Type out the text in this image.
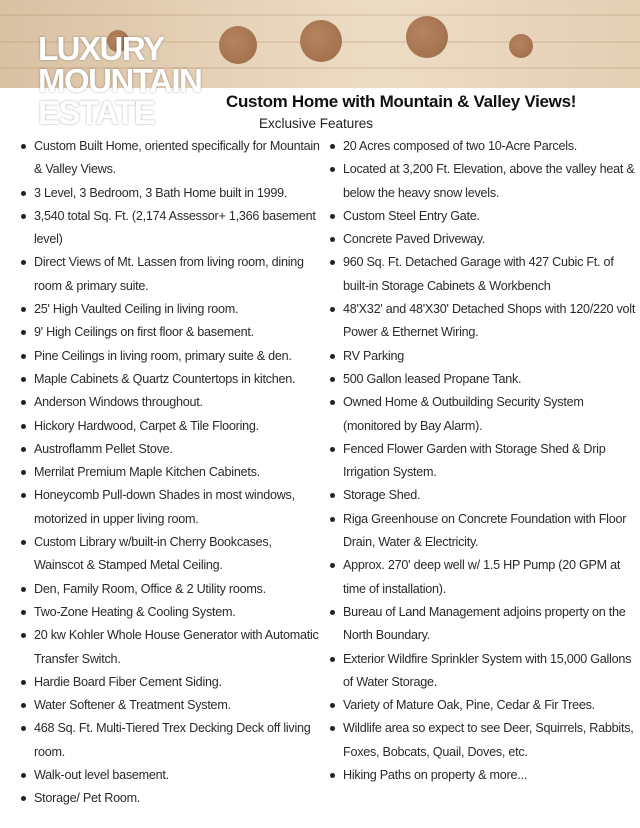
LUXURY
MOUNTAIN
ESTATE	Custom Home with Mountain & Valley Views!
Exclusive Features
Custom Built Home, oriented specifically for Mountain & Valley Views.
3 Level, 3 Bedroom, 3 Bath Home built in 1999.
3,540 total Sq. Ft. (2,174 Assessor+ 1,366 basement level)
Direct Views of Mt. Lassen from living room, dining room & primary suite.
25' High Vaulted Ceiling in living room.
9' High Ceilings on first floor & basement.
Pine Ceilings in living room, primary suite & den.
Maple Cabinets & Quartz Countertops in kitchen.
Anderson Windows throughout.
Hickory Hardwood, Carpet & Tile Flooring.
Austroflamm Pellet Stove.
Merrilat Premium Maple Kitchen Cabinets.
Honeycomb Pull-down Shades in most windows, motorized in upper living room.
Custom Library w/built-in Cherry Bookcases, Wainscot & Stamped Metal Ceiling.
Den, Family Room, Office & 2 Utility rooms.
Two-Zone Heating & Cooling System.
20 kw Kohler Whole House Generator with Automatic Transfer Switch.
Hardie Board Fiber Cement Siding.
Water Softener & Treatment System.
468 Sq. Ft. Multi-Tiered Trex Decking Deck off living room.
Walk-out level basement.
Storage/ Pet Room.
20 Acres composed of two 10-Acre Parcels.
Located at 3,200 Ft. Elevation, above the valley heat & below the heavy snow levels.
Custom Steel Entry Gate.
Concrete Paved Driveway.
960 Sq. Ft. Detached Garage with 427 Cubic Ft. of built-in Storage Cabinets & Workbench
48'X32' and 48'X30' Detached Shops with 120/220 volt Power & Ethernet Wiring.
RV Parking
500 Gallon leased Propane Tank.
Owned Home & Outbuilding Security System (monitored by Bay Alarm).
Fenced Flower Garden with Storage Shed & Drip Irrigation System.
Storage Shed.
Riga Greenhouse on Concrete Foundation with Floor Drain, Water & Electricity.
Approx. 270' deep well w/ 1.5 HP Pump (20 GPM at time of installation).
Bureau of Land Management adjoins property on the North Boundary.
Exterior Wildfire Sprinkler System with 15,000 Gallons of Water Storage.
Variety of Mature Oak, Pine, Cedar & Fir Trees.
Wildlife area so expect to see Deer, Squirrels, Rabbits, Foxes, Bobcats, Quail, Doves, etc.
Hiking Paths on property & more...
